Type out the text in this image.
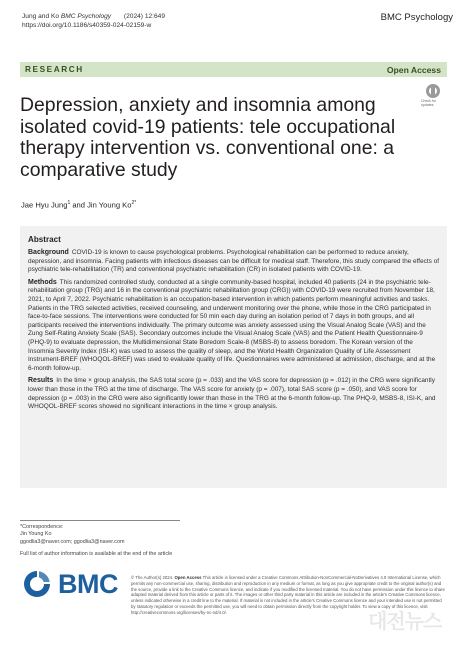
Jung and Ko BMC Psychology (2024) 12:649
https://doi.org/10.1186/s40359-024-02159-w
BMC Psychology
RESEARCH	Open Access
Check for updates
Depression, anxiety and insomnia among isolated covid-19 patients: tele occupational therapy intervention vs. conventional one: a comparative study
Jae Hyu Jung$^1$ and Jin Young $Ko^{2*}$
Abstract

Background COVID-19 is known to cause psychological problems. Psychological rehabilitation can be performed to reduce anxiety, depression, and insomnia. Facing patients with infectious diseases can be difficult for medical staff. Therefore, this study compared the effects of psychiatric tele-rehabilitation (TR) and conventional psychiatric rehabilitation (CR) in isolated patients with COVID-19.

Methods This randomized controlled study, conducted at a single community-based hospital, included 40 patients (24 in the psychiatric tele-rehabilitation group (TRG) and 16 in the conventional psychiatric rehabilitation group (CRG)) with COVID-19 were recruited from November 18, 2021, to April 7, 2022. Psychiatric rehabilitation is an occupation-based intervention in which patients perform meaningful activities and tasks. Patients in the TRG selected activities, received counseling, and underwent monitoring over the phone, while those in the CRG participated in face-to-face sessions. The interventions were conducted for 50 min each day during an isolation period of 7 days in both groups, and all participants received the interventions individually. The primary outcome was anxiety assessed using the Visual Analog Scale (VAS) and the Zung Self-Rating Anxiety Scale (SAS). Secondary outcomes include the Visual Analog Scale (VAS) and the Patient Health Questionnaire-9 (PHQ-9) to evaluate depression, the Multidimensional State Boredom Scale-8 (MSBS-8) to assess boredom. The Korean version of the Insomnia Severity Index (ISI-K) was used to assess the quality of sleep, and the World Health Organization Quality of Life Assessment Instrument-BREF (WHOQOL-BREF) was used to evaluate quality of life. Questionnaires were administered at admission, discharge, and at the 6-month follow-up.

Results In the time × group analysis, the SAS total score (p = .033) and the VAS score for depression (p = .012) in the CRG were significantly lower than those in the TRG at the time of discharge. The VAS score for anxiety (p = .007), total SAS score (p = .050), and VAS score for depression (p = .003) in the CRG were also significantly lower than those in the TRG at the 6-month follow-up. The PHQ-9, MSBS-8, ISI-K, and WHOQOL-BREF scores showed no significant interactions in the time × group analysis.

*Correspondence:
Jin Young Ko
ggodlia3@naver.com; ggodlia3@naver.com
Full list of author information is available at the end of the article
BMC	© The Author(s) 2024. Open Access This article is licensed under a Creative Commons Attribution-NonCommercial-NoDerivatives 4.0 International License, which permits any non-commercial use, sharing, distribution and reproduction in any medium or format, as long as you give appropriate credit to the original author(s) and the source, provide a link to the Creative Commons licence, and indicate if you modified the licensed material. You do not have permission under this licence to share adapted material derived from this article or parts of it. The images or other third party material in this article are included in the article's Creative Commons licence, unless indicated otherwise in a credit line to the material. If material is not included in the article's Creative Commons licence and your intended use is not permitted by statutory regulation or exceeds the permitted use, you will need to obtain permission directly from the copyright holder. To view a copy of this licence, visit http://creativecommons.org/licenses/by-nc-nd/4.0/.	대전뉴스
